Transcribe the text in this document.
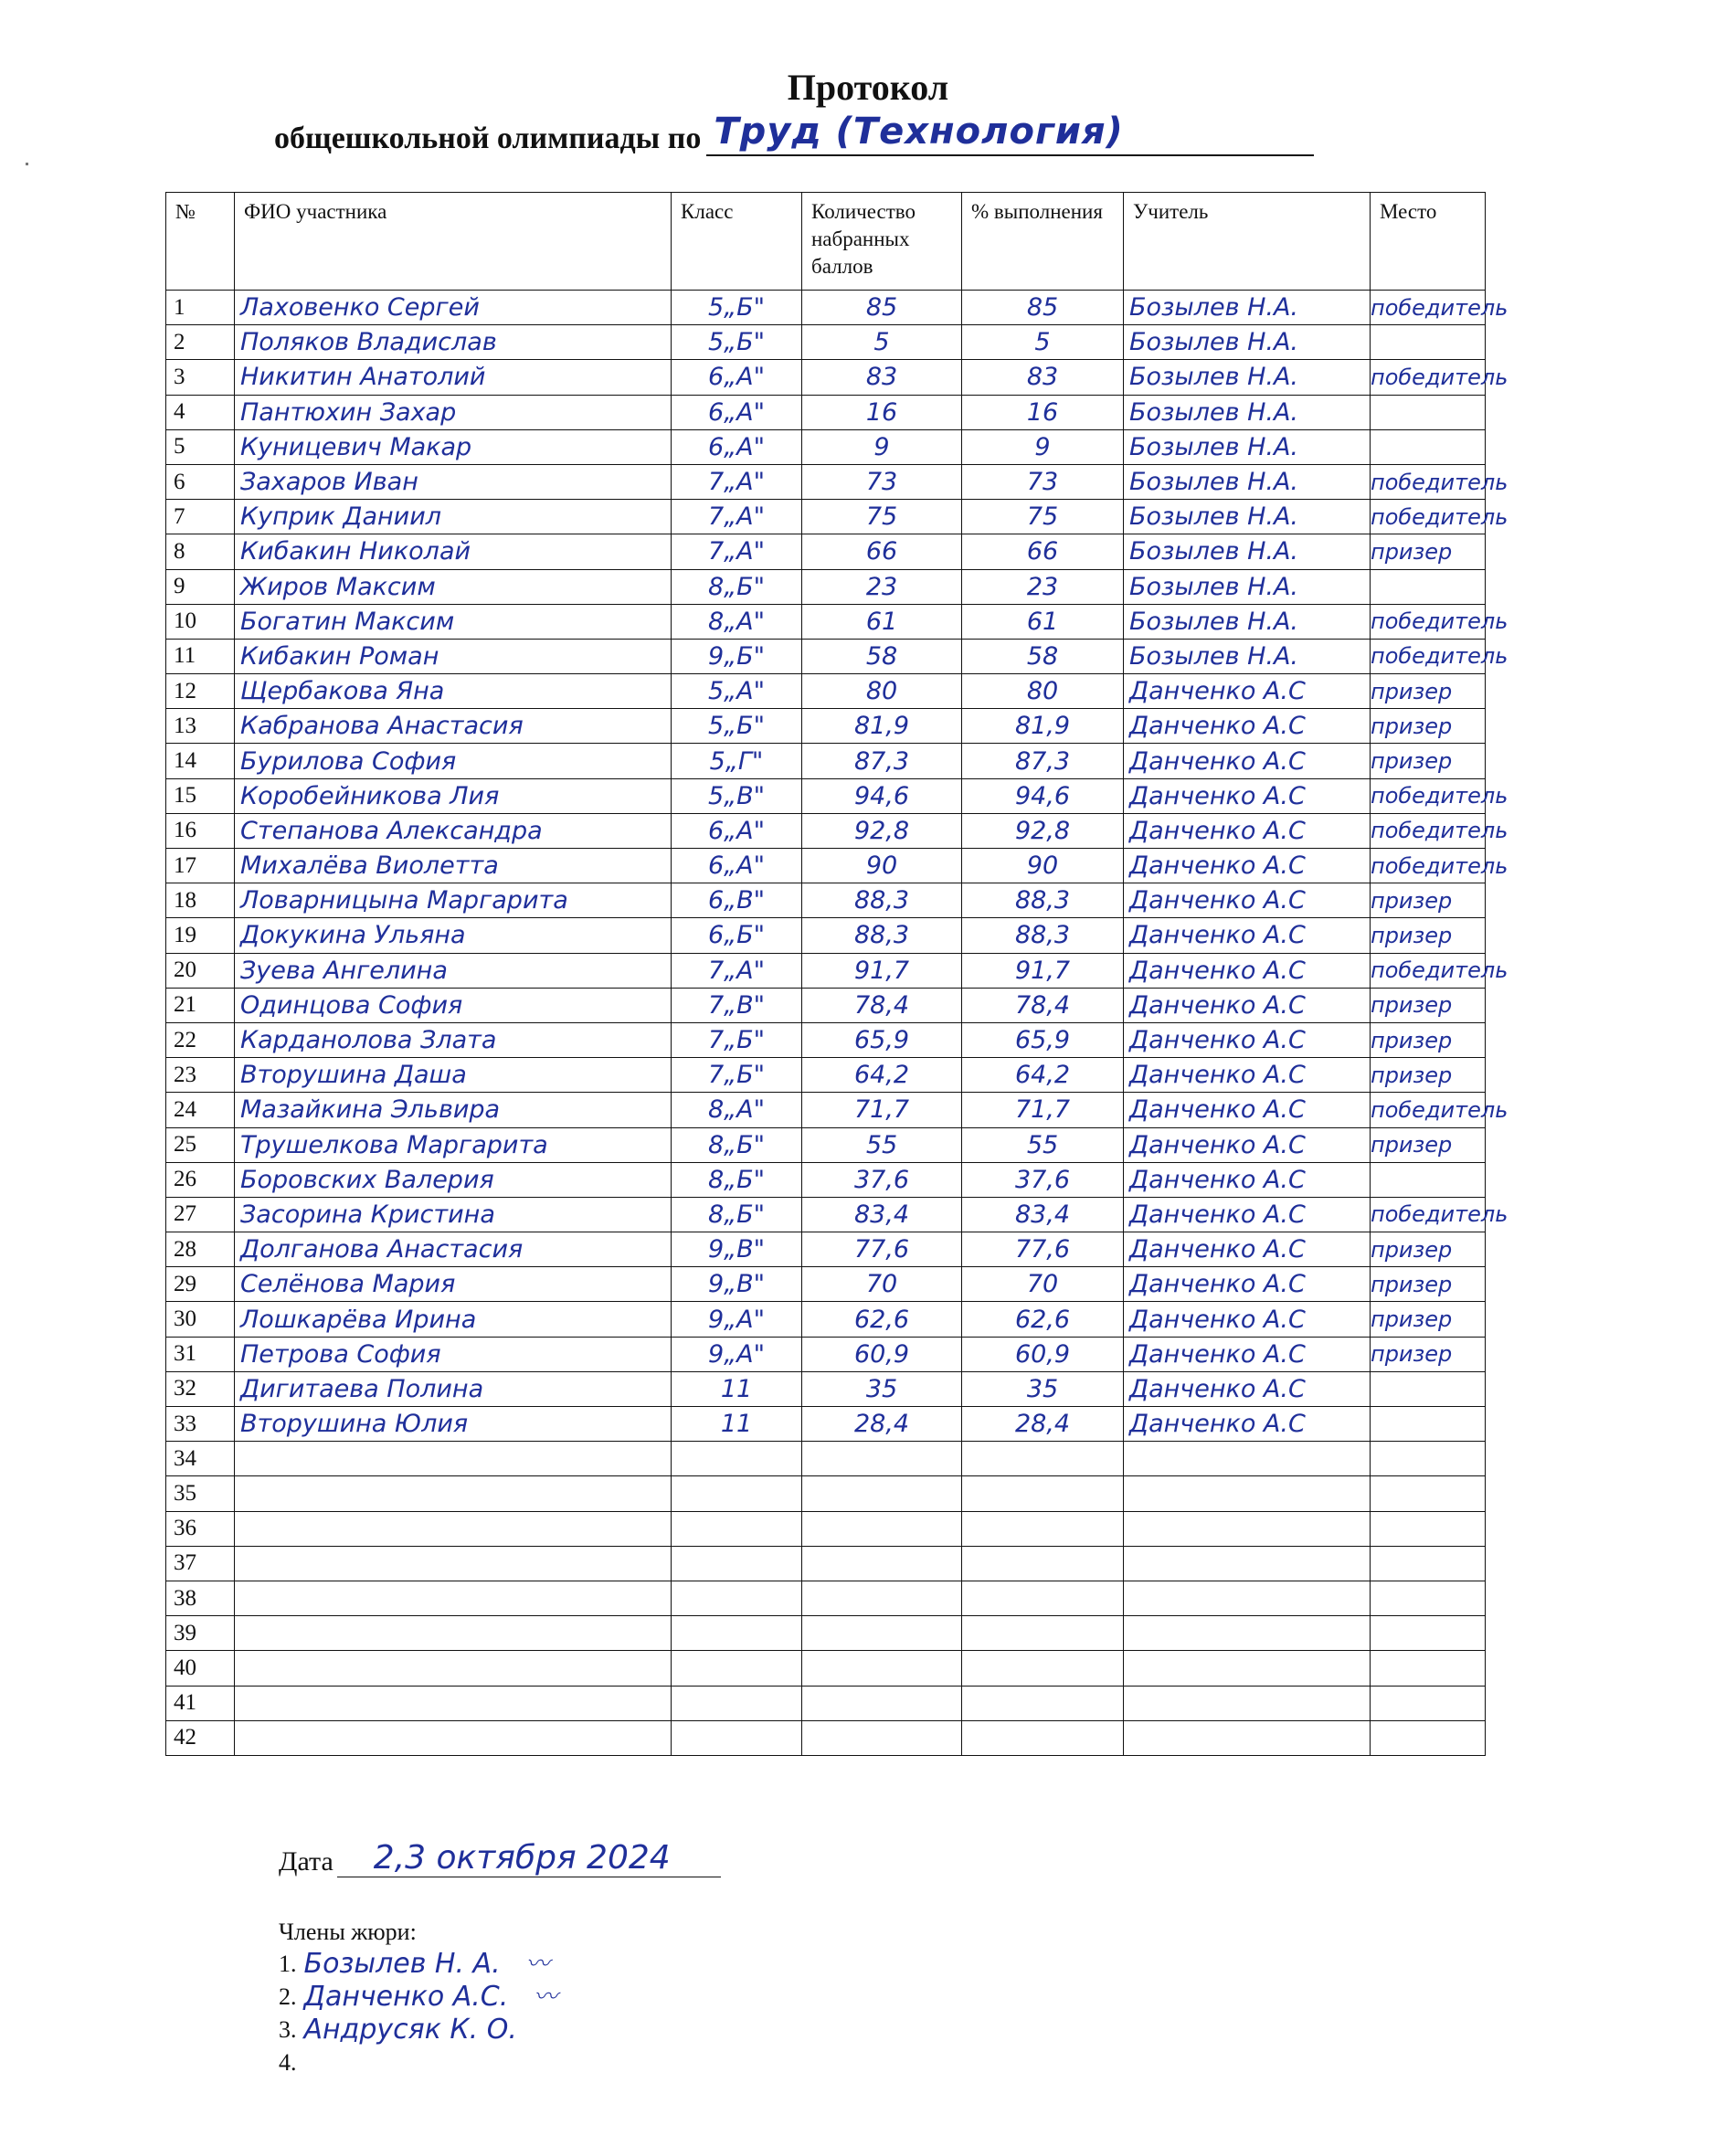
Протокол
общешкольной олимпиады по Труд (Технология)
№	ФИО участника	Класс	Количество набранных баллов	% выполнения	Учитель	Место
1	Лаховенко Сергей	5„Б"	85	85	Бозылев Н.А.	победитель

2	Поляков Владислав	5„Б"	5	5	Бозылев Н.А.	

3	Никитин Анатолий	6„А"	83	83	Бозылев Н.А.	победитель

4	Пантюхин Захар	6„А"	16	16	Бозылев Н.А.	

5	Куницевич Макар	6„А"	9	9	Бозылев Н.А.	

6	Захаров Иван	7„А"	73	73	Бозылев Н.А.	победитель

7	Куприк Даниил	7„А"	75	75	Бозылев Н.А.	победитель

8	Кибакин Николай	7„А"	66	66	Бозылев Н.А.	призер

9	Жиров Максим	8„Б"	23	23	Бозылев Н.А.	

10	Богатин Максим	8„А"	61	61	Бозылев Н.А.	победитель

11	Кибакин Роман	9„Б"	58	58	Бозылев Н.А.	победитель

12	Щербакова Яна	5„А"	80	80	Данченко А.С	призер

13	Кабранова Анастасия	5„Б"	81,9	81,9	Данченко А.С	призер

14	Бурилова София	5„Г"	87,3	87,3	Данченко А.С	призер

15	Коробейникова Лия	5„В"	94,6	94,6	Данченко А.С	победитель

16	Степанова Александра	6„А"	92,8	92,8	Данченко А.С	победитель

17	Михалёва Виолетта	6„А"	90	90	Данченко А.С	победитель

18	Ловарницына Маргарита	6„В"	88,3	88,3	Данченко А.С	призер

19	Докукина Ульяна	6„Б"	88,3	88,3	Данченко А.С	призер

20	Зуева Ангелина	7„А"	91,7	91,7	Данченко А.С	победитель

21	Одинцова София	7„В"	78,4	78,4	Данченко А.С	призер

22	Карданолова Злата	7„Б"	65,9	65,9	Данченко А.С	призер

23	Вторушина Даша	7„Б"	64,2	64,2	Данченко А.С	призер

24	Мазайкина Эльвира	8„А"	71,7	71,7	Данченко А.С	победитель

25	Трушелкова Маргарита	8„Б"	55	55	Данченко А.С	призер

26	Боровских Валерия	8„Б"	37,6	37,6	Данченко А.С	

27	Засорина Кристина	8„Б"	83,4	83,4	Данченко А.С	победитель

28	Долганова Анастасия	9„В"	77,6	77,6	Данченко А.С	призер

29	Селёнова Мария	9„В"	70	70	Данченко А.С	призер

30	Лошкарёва Ирина	9„А"	62,6	62,6	Данченко А.С	призер

31	Петрова София	9„А"	60,9	60,9	Данченко А.С	призер

32	Дигитаева Полина	11	35	35	Данченко А.С	

33	Вторушина Юлия	11	28,4	28,4	Данченко А.С	

34						

35						

36						

37						

38						

39						

40						

41						

42						
Дата 2,3 октября 2024
Члены жюри:
1. Бозылев Н. А. 〰
2. Данченко А.С. 〰
3. Андрусяк К. О.
4.
